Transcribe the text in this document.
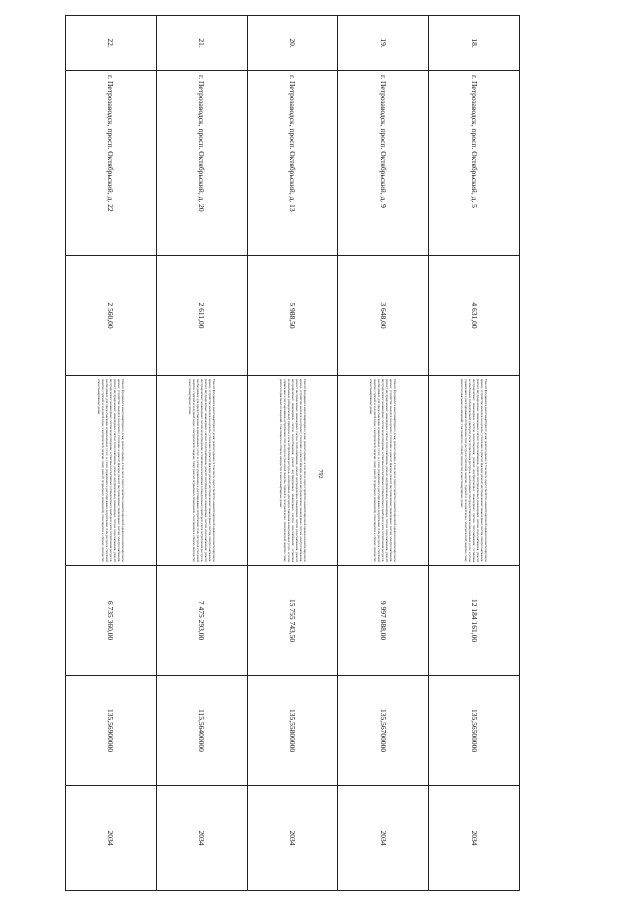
792
18.	г. Петрозаводск, просп. Октябрьский, д. 5	4 631,00	Ремонт фундамента многоквартирного дома; ремонт крыши, в том числе переустройство невентилируемой крыши на вентилируемую крышу, устройство выходов на кровлю; утепление и ремонт фасада; ремонт внутридомовых инженерных систем электроснабжения, ремонт внутридомовых инженерных систем теплоснабжения, ремонт внутридомовых инженерных систем водоснабжения, ремонт внутридомовых инженерных систем водоотведения; ремонт внутридомовых инженерных систем газоснабжения; установка коллективных (общедомовых) приборов учета потребления ресурсов, необходимых для предоставления коммунальных услуг, и узлов управления и регулирования потребления этих ресурсов (тепловой энергии, горячей и холодной воды, электрической энергии, газа); ремонт подвальных помещений, относящихся к общему имуществу в многоквартирных домах	12 184 161,00	135,56500000	2034
19.	г. Петрозаводск, просп. Октябрьский, д. 9	3 648,00	Ремонт фундамента многоквартирного дома; ремонт крыши, в том числе переустройство невентилируемой крыши на вентилируемую крышу, устройство выходов на кровлю; утепление и ремонт фасада; ремонт внутридомовых инженерных систем электроснабжения, ремонт внутридомовых инженерных систем теплоснабжения, ремонт внутридомовых инженерных систем водоснабжения, ремонт внутридомовых инженерных систем водоотведения; установка коллективных (общедомовых) приборов учета потребления ресурсов, необходимых для предоставления коммунальных услуг, и узлов управления и регулирования потребления этих ресурсов (тепловой энергии, горячей и холодной воды, электрической энергии, газа); ремонт подвальных помещений, относящихся к общему имуществу в многоквартирных домах	9 997 888,00	135,56700000	2034
20.	г. Петрозаводск, просп. Октябрьский, д. 13	5 988,50	Ремонт фундамента многоквартирного дома; ремонт крыши, в том числе переустройство невентилируемой крыши на вентилируемую крышу, устройство выходов на кровлю; утепление и ремонт фасада; ремонт внутридомовых инженерных систем электроснабжения, ремонт внутридомовых инженерных систем теплоснабжения, ремонт внутридомовых инженерных систем водоснабжения, ремонт внутридомовых инженерных систем водоотведения; ремонт внутридомовых инженерных систем газоснабжения; установка коллективных (общедомовых) приборов учета потребления ресурсов, необходимых для предоставления коммунальных услуг, и узлов управления и регулирования потребления этих ресурсов (тепловой энергии, горячей и холодной воды, электрической энергии, газа); ремонт подвальных помещений, относящихся к общему имуществу в многоквартирных домах	15 755 743,50	135,55800000	2034
21.	г. Петрозаводск, просп. Октябрьский, д. 20	2 611,00	Ремонт фундамента многоквартирного дома; ремонт крыши, в том числе переустройство невентилируемой крыши на вентилируемую крышу, устройство выходов на кровлю; утепление и ремонт фасада; ремонт внутридомовых инженерных систем электроснабжения, ремонт внутридомовых инженерных систем теплоснабжения, ремонт внутридомовых инженерных систем водоснабжения, ремонт внутридомовых инженерных систем водоотведения; установка коллективных (общедомовых) приборов учета потребления ресурсов, необходимых для предоставления коммунальных услуг, и узлов управления и регулирования потребления этих ресурсов (тепловой энергии, горячей и холодной воды, электрической энергии, газа); ремонт подвальных помещений, относящихся к общему имуществу в многоквартирных домах	7 475 293,00	115,56400000	2034
22.	г. Петрозаводск, просп. Октябрьский, д. 22	2 560,00	Ремонт фундамента многоквартирного дома; ремонт крыши, в том числе переустройство невентилируемой крыши на вентилируемую крышу, устройство выходов на кровлю; утепление и ремонт фасада; ремонт внутридомовых инженерных систем электроснабжения, ремонт внутридомовых инженерных систем теплоснабжения, ремонт внутридомовых инженерных систем водоснабжения, ремонт внутридомовых инженерных систем водоотведения; установка коллективных (общедомовых) приборов учета потребления ресурсов, необходимых для предоставления коммунальных услуг, и узлов управления и регулирования потребления этих ресурсов (тепловой энергии, горячей и холодной воды, электрической энергии, газа); ремонт подвальных помещений, относящихся к общему имуществу в многоквартирных домах	6 735 360,00	135,56900000	2034
